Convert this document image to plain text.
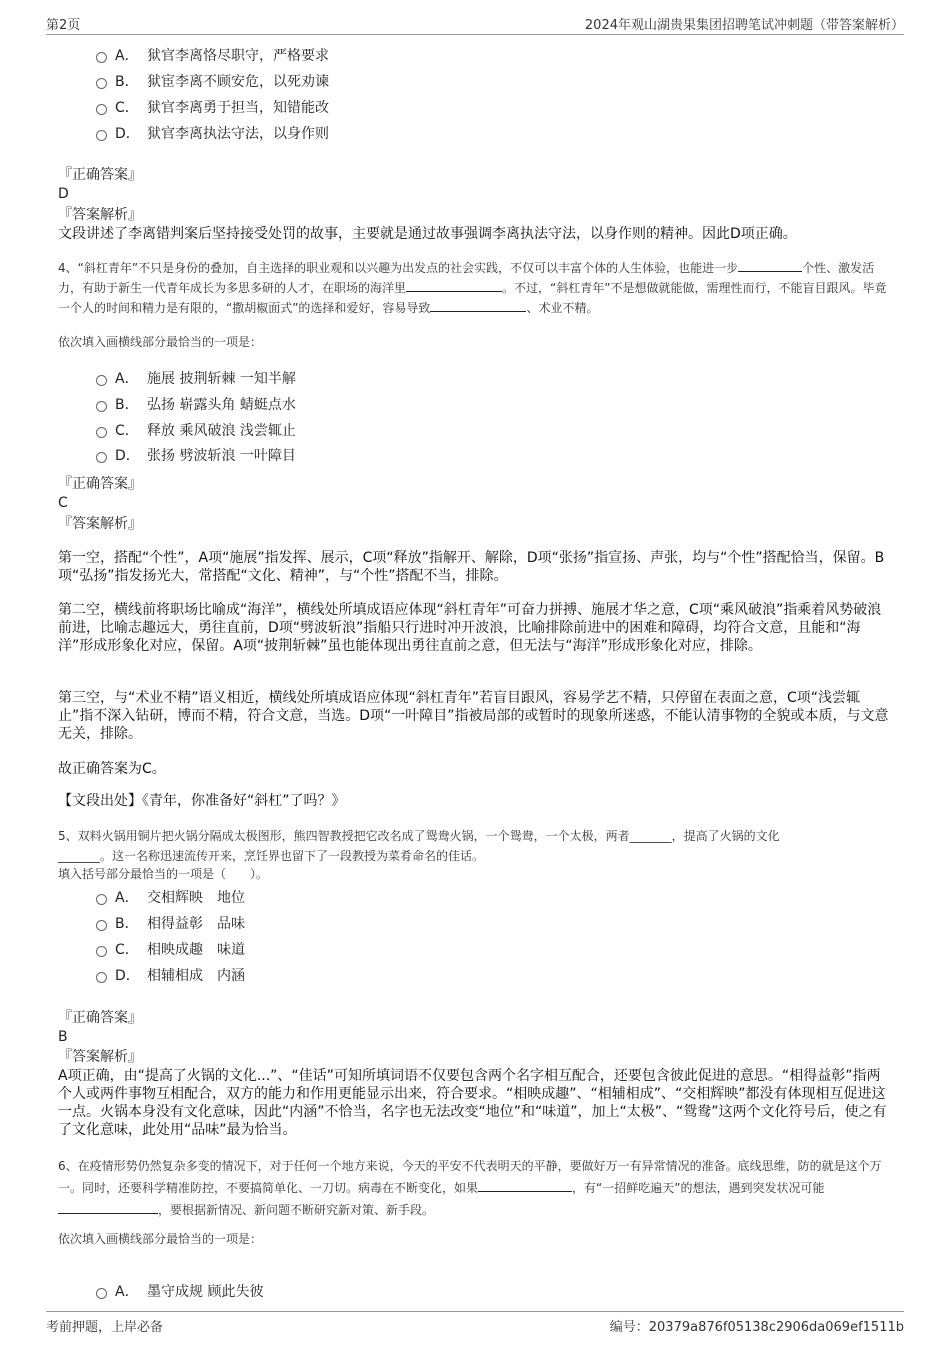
第2页	2024年观山湖贵果集团招聘笔试冲刺题（带答案解析）
A． 狱官李离恪尽职守，严格要求
B． 狱宦李离不顾安危，以死劝谏
C． 狱官李离勇于担当，知错能改
D． 狱官李离执法守法，以身作则
『正确答案』
D
『答案解析』
文段讲述了李离错判案后坚持接受处罚的故事，主要就是通过故事强调李离执法守法，以身作则的精神。因此D项正确。
4、“斜杠青年”不只是身份的叠加，自主选择的职业观和以兴趣为出发点的社会实践，不仅可以丰富个体的人生体验，也能进一步	个性、激发活力，有助于新生一代青年成长为多思多研的人才，在职场的海洋里	。不过，“斜杠青年”不是想做就能做，需理性而行，不能盲目跟风。毕竟一个人的时间和精力是有限的，“撒胡椒面式”的选择和爱好，容易导致	、术业不精。
依次填入画横线部分最恰当的一项是：
A． 施展 披荆斩棘 一知半解
B． 弘扬 崭露头角 蜻蜓点水
C． 释放 乘风破浪 浅尝辄止
D． 张扬 劈波斩浪 一叶障目
『正确答案』
C
『答案解析』
第一空，搭配“个性”，A项“施展”指发挥、展示，C项“释放”指解开、解除，D项“张扬”指宣扬、声张，均与“个性”搭配恰当，保留。B项“弘扬”指发扬光大，常搭配“文化、精神”，与“个性”搭配不当，排除。
第二空，横线前将职场比喻成“海洋”，横线处所填成语应体现“斜杠青年”可奋力拼搏、施展才华之意，C项“乘风破浪”指乘着风势破浪前进，比喻志趣远大，勇往直前，D项“劈波斩浪”指船只行进时冲开波浪，比喻排除前进中的困难和障碍，均符合文意，且能和“海洋”形成形象化对应，保留。A项“披荆斩棘”虽也能体现出勇往直前之意，但无法与“海洋”形成形象化对应，排除。
第三空，与“术业不精”语义相近，横线处所填成语应体现“斜杠青年”若盲目跟风，容易学艺不精，只停留在表面之意，C项“浅尝辄止”指不深入钻研，博而不精，符合文意，当选。D项“一叶障目”指被局部的或暂时的现象所迷惑，不能认清事物的全貌或本质，与文意无关，排除。
故正确答案为C。
【文段出处】《青年，你准备好“斜杠”了吗？》
5、双料火锅用铜片把火锅分隔成太极图形，熊四智教授把它改名成了鸳鸯火锅，一个鸳鸯，一个太极，两者_______，提高了火锅的文化
_______。这一名称迅速流传开来，烹饪界也留下了一段教授为菜肴命名的佳话。
填入括号部分最恰当的一项是（　　）。
A． 交相辉映　地位
B． 相得益彰　品味
C． 相映成趣　味道
D． 相辅相成　内涵
『正确答案』
B
『答案解析』
A项正确，由“提高了火锅的文化...”、“佳话”可知所填词语不仅要包含两个名字相互配合，还要包含彼此促进的意思。“相得益彰”指两个人或两件事物互相配合，双方的能力和作用更能显示出来，符合要求。“相映成趣”、“相辅相成”、“交相辉映”都没有体现相互促进这一点。火锅本身没有文化意味，因此“内涵”不恰当，名字也无法改变“地位”和“味道”，加上“太极”、“鸳鸯”这两个文化符号后，使之有了文化意味，此处用“品味”最为恰当。
6、在疫情形势仍然复杂多变的情况下，对于任何一个地方来说，今天的平安不代表明天的平静，要做好万一有异常情况的准备。底线思维，防的就是这个万一。同时，还要科学精准防控，不要搞简单化、一刀切。病毒在不断变化，如果	，有“一招鲜吃遍天”的想法，遇到突发状况可能，要根据新情况、新问题不断研究新对策、新手段。
依次填入画横线部分最恰当的一项是：
A． 墨守成规 顾此失彼
考前押题，上岸必备	编号：20379a876f05138c2906da069ef1511b
